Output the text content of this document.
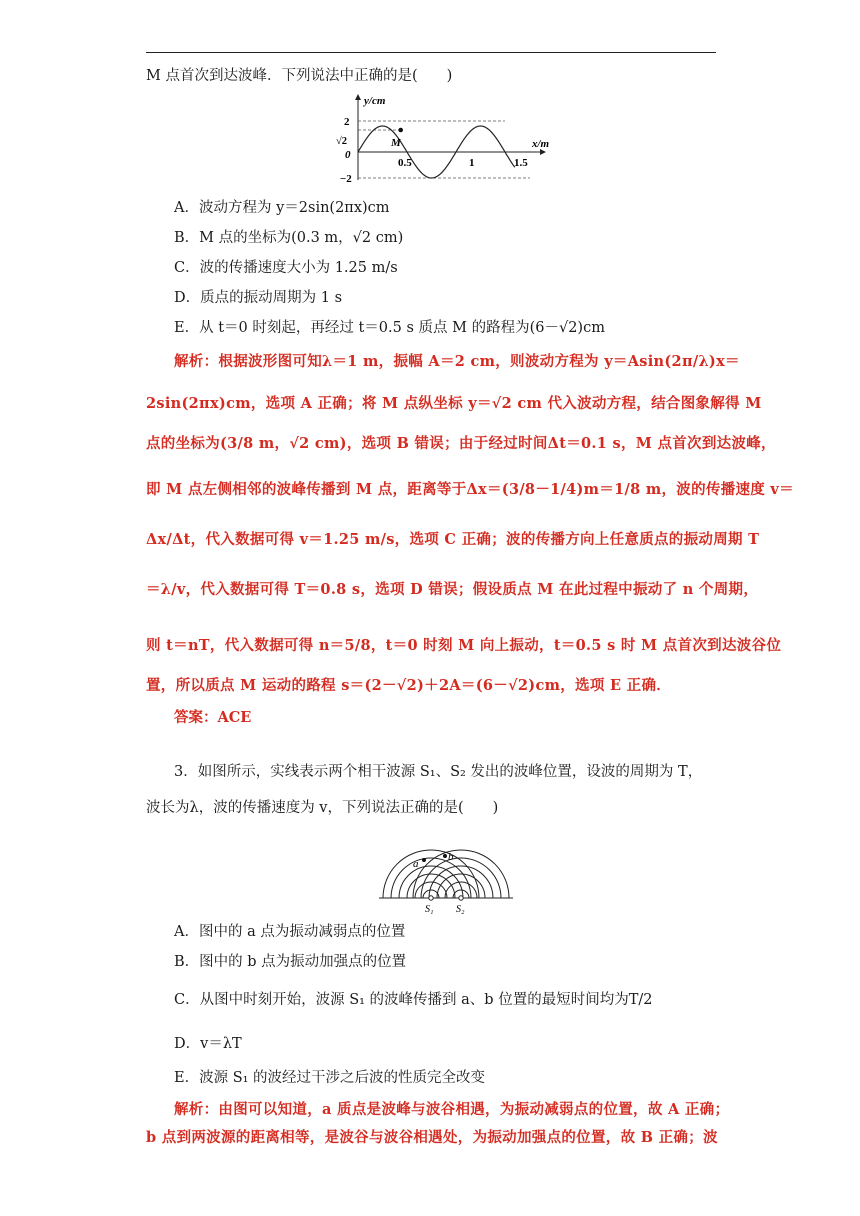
M 点首次到达波峰．下列说法中正确的是(　　)
y/cm
x/m
2
√2
0
−2
0.5	1	1.5
M
A．波动方程为 y＝2sin(2πx)cm
B．M 点的坐标为(0.3 m，√2 cm)
C．波的传播速度大小为 1.25 m/s
D．质点的振动周期为 1 s
E．从 t＝0 时刻起，再经过 t＝0.5 s 质点 M 的路程为(6－√2)cm
解析：根据波形图可知λ＝1 m，振幅 A＝2 cm，则波动方程为 y＝Asin(2π/λ)x＝
2sin(2πx)cm，选项 A 正确；将 M 点纵坐标 y＝√2 cm 代入波动方程，结合图象解得 M
点的坐标为(3/8 m，√2 cm)，选项 B 错误；由于经过时间Δt＝0.1 s，M 点首次到达波峰，
即 M 点左侧相邻的波峰传播到 M 点，距离等于Δx＝(3/8－1/4)m＝1/8 m，波的传播速度 v＝
Δx/Δt，代入数据可得 v＝1.25 m/s，选项 C 正确；波的传播方向上任意质点的振动周期 T
＝λ/v，代入数据可得 T＝0.8 s，选项 D 错误；假设质点 M 在此过程中振动了 n 个周期，
则 t＝nT，代入数据可得 n＝5/8，t＝0 时刻 M 向上振动，t＝0.5 s 时 M 点首次到达波谷位
置，所以质点 M 运动的路程 s＝(2－√2)＋2A＝(6－√2)cm，选项 E 正确．
答案：ACE
3．如图所示，实线表示两个相干波源 S₁、S₂ 发出的波峰位置，设波的周期为 T，
波长为λ，波的传播速度为 v，下列说法正确的是(　　)
a
b
S₁ S₂
A．图中的 a 点为振动减弱点的位置
B．图中的 b 点为振动加强点的位置
C．从图中时刻开始，波源 S₁ 的波峰传播到 a、b 位置的最短时间均为T/2
D．v＝λT
E．波源 S₁ 的波经过干涉之后波的性质完全改变
解析：由图可以知道，a 质点是波峰与波谷相遇，为振动减弱点的位置，故 A 正确；
b 点到两波源的距离相等，是波谷与波谷相遇处，为振动加强点的位置，故 B 正确；波
